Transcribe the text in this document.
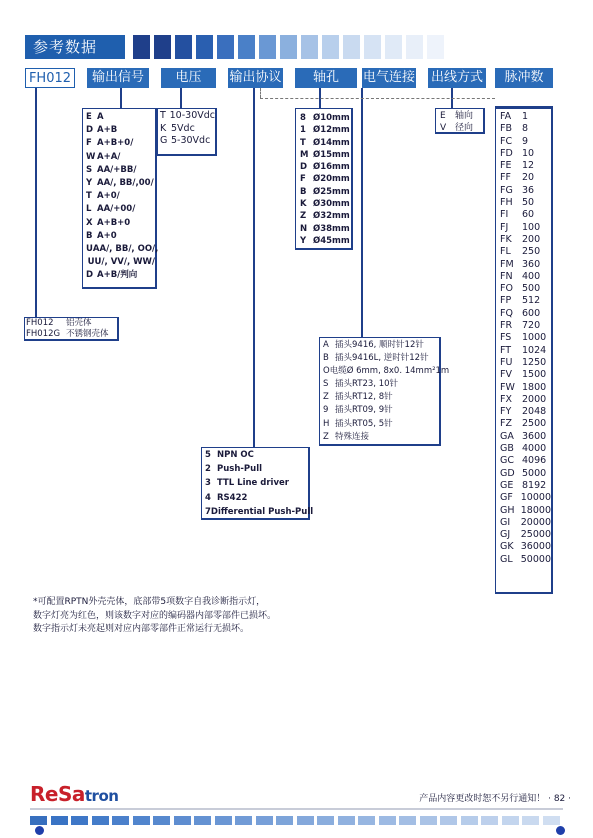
参考数据
FH012	输出信号	电压	输出协议	轴孔	电气连接 出线方式	脉冲数
E A
D A+B
F A+B+0/
W A+A/
S AA/+BB/
Y AA/, BB/,00/
T A+0/
L AA/+00/
X A+B+0
B A+0
U AA/, BB/, OO/,
UU/, VV/, WW/
D A+B/判向
T 10-30Vdc
K 5Vdc
G 5-30Vdc
8 Ø10mm
1 Ø12mm
T Ø14mm
M Ø15mm
D Ø16mm
F Ø20mm
B Ø25mm
K Ø30mm
Z Ø32mm
N Ø38mm
Y Ø45mm
E	轴向
V 径向
FA	1
FB	8
FC	9
FD 10
FE	12
FF	20
FG 36
FH 50
FI	60
FJ	100
FK	200
FL	250
FM 360
FN 400
FO 500
FP	512
FQ 600
FR	720
FS	1000
FT	1024
FU	1250
FV	1500
FW 1800
FX	2000
FY	2048
FZ	2500
GA 3600
GB 4000
GC 4096
GD 5000
GE 8192
GF 10000
GH 18000
GI	20000
GJ	25000
GK 36000
GL 50000
FH012	铝壳体
FH012G 不锈钢壳体
A 插头9416, 顺时针12针
B 插头9416L, 逆时针12针
O 电缆Ø 6mm, 8x0. 14mm²1m
S 插头RT23, 10针
Z 插头RT12, 8针
9 插头RT09, 9针
H 插头RT05, 5针
Z 特殊连接
5 NPN OC
2 Push-Pull
3 TTL Line driver
4 RS422
7 Differential Push-Pull
*可配置RPTN外壳壳体，底部带5项数字自我诊断指示灯，
数字灯亮为红色，则该数字对应的编码器内部零部件已损坏。
数字指示灯未亮起则对应内部零部件正常运行无损坏。
ReSatron	产品内容更改时恕不另行通知！ · 82 ·
